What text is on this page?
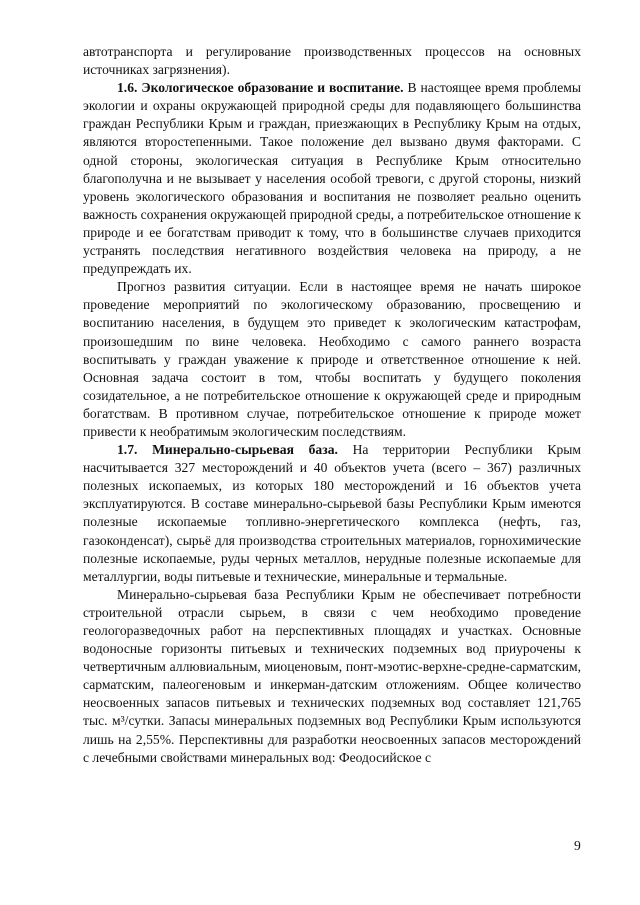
автотранспорта и регулирование производственных процессов на основных источниках загрязнения).

1.6. Экологическое образование и воспитание. В настоящее время проблемы экологии и охраны окружающей природной среды для подавляющего большинства граждан Республики Крым и граждан, приезжающих в Республику Крым на отдых, являются второстепенными. Такое положение дел вызвано двумя факторами. С одной стороны, экологическая ситуация в Республике Крым относительно благополучна и не вызывает у населения особой тревоги, с другой стороны, низкий уровень экологического образования и воспитания не позволяет реально оценить важность сохранения окружающей природной среды, а потребительское отношение к природе и ее богатствам приводит к тому, что в большинстве случаев приходится устранять последствия негативного воздействия человека на природу, а не предупреждать их.

Прогноз развития ситуации. Если в настоящее время не начать широкое проведение мероприятий по экологическому образованию, просвещению и воспитанию населения, в будущем это приведет к экологическим катастрофам, произошедшим по вине человека. Необходимо с самого раннего возраста воспитывать у граждан уважение к природе и ответственное отношение к ней. Основная задача состоит в том, чтобы воспитать у будущего поколения созидательное, а не потребительское отношение к окружающей среде и природным богатствам. В противном случае, потребительское отношение к природе может привести к необратимым экологическим последствиям.

1.7. Минерально-сырьевая база. На территории Республики Крым насчитывается 327 месторождений и 40 объектов учета (всего – 367) различных полезных ископаемых, из которых 180 месторождений и 16 объектов учета эксплуатируются. В составе минерально-сырьевой базы Республики Крым имеются полезные ископаемые топливно-энергетического комплекса (нефть, газ, газоконденсат), сырьё для производства строительных материалов, горнохимические полезные ископаемые, руды черных металлов, нерудные полезные ископаемые для металлургии, воды питьевые и технические, минеральные и термальные.

Минерально-сырьевая база Республики Крым не обеспечивает потребности строительной отрасли сырьем, в связи с чем необходимо проведение геологоразведочных работ на перспективных площадях и участках. Основные водоносные горизонты питьевых и технических подземных вод приурочены к четвертичным аллювиальным, миоценовым, понт-мэотис-верхне-средне-сарматским, сарматским, палеогеновым и инкерман-датским отложениям. Общее количество неосвоенных запасов питьевых и технических подземных вод составляет 121,765 тыс. м³/сутки. Запасы минеральных подземных вод Республики Крым используются лишь на 2,55%. Перспективны для разработки неосвоенных запасов месторождений с лечебными свойствами минеральных вод: Феодосийское с

9
